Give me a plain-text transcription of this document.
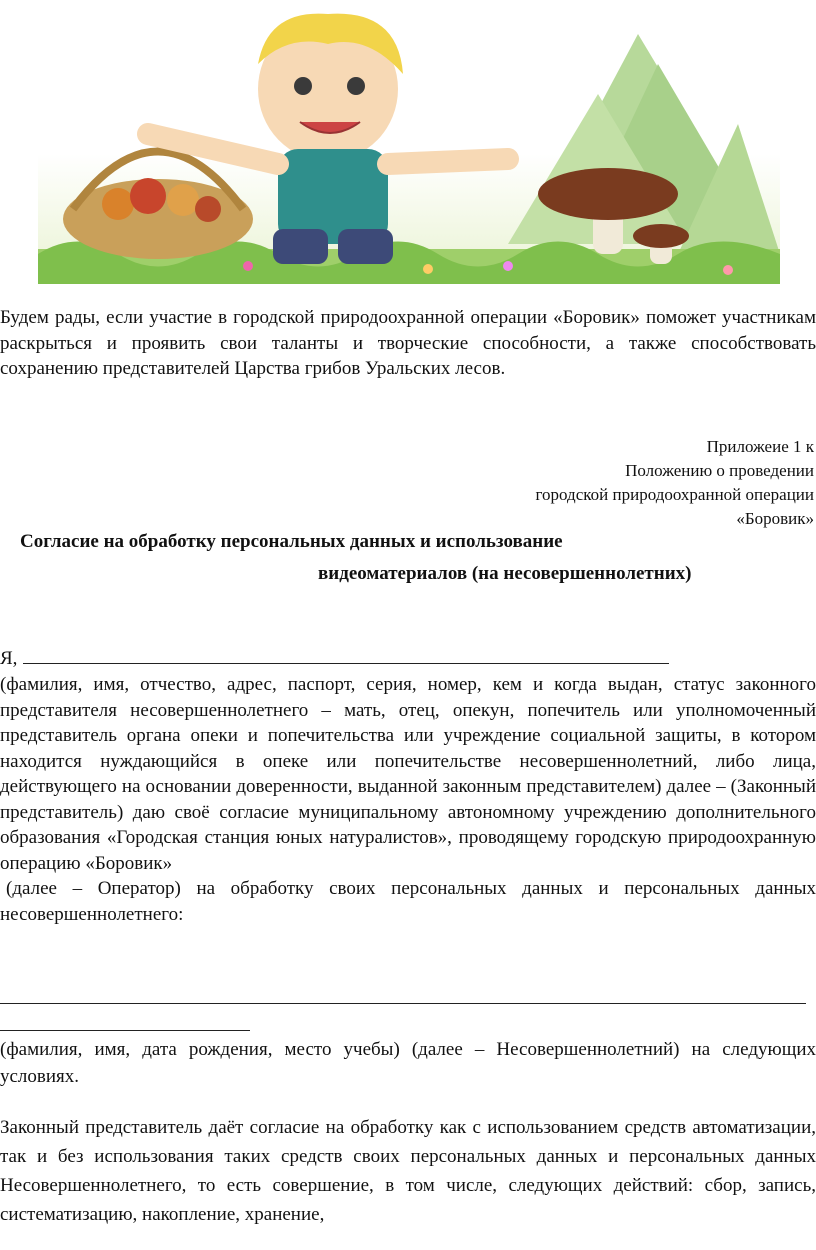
Будем рады, если участие в городской природоохранной операции «Боровик» поможет участникам раскрыться и проявить свои таланты и творческие способности, а также способствовать сохранению представителей Царства грибов Уральских лесов.
Приложеие 1 к
Положению о проведении
городской природоохранной операции
«Боровик»
Согласие на обработку персональных данных и использование
видеоматериалов (на несовершеннолетних)
Я,
(фамилия, имя, отчество, адрес, паспорт, серия, номер, кем и когда выдан, статус законного представителя несовершеннолетнего – мать, отец, опекун, попечитель или уполномоченный представитель органа опеки и попечительства или учреждение социальной защиты, в котором находится нуждающийся в опеке или попечительстве несовершеннолетний, либо лица, действующего на основании доверенности, выданной законным представителем) далее – (Законный представитель) даю своё согласие муниципальному автономному учреждению дополнительного образования «Городская станция юных натуралистов», проводящему городскую природоохранную операцию «Боровик»
(далее – Оператор) на обработку своих персональных данных и персональных данных несовершеннолетнего:
(фамилия, имя, дата рождения, место учебы) (далее – Несовершеннолетний) на следующих условиях.
Законный представитель даёт согласие на обработку как с использованием средств автоматизации, так и без использования таких средств своих персональных данных и персональных данных Несовершеннолетнего, то есть совершение, в том числе, следующих действий: сбор, запись, систематизацию, накопление, хранение,
